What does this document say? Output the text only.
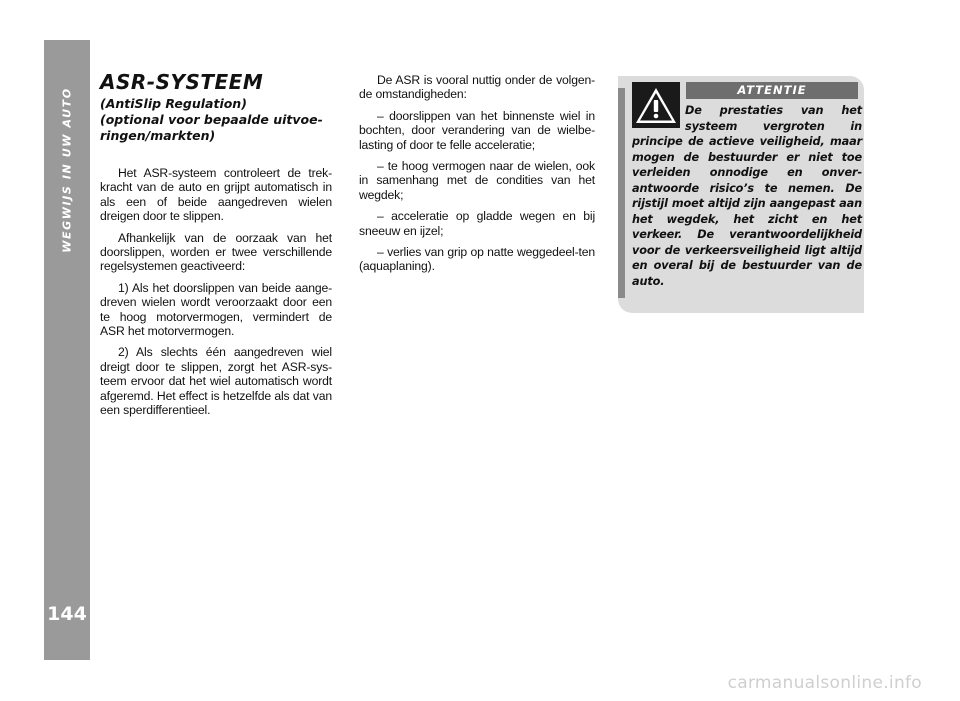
WEGWIJS IN UW AUTO
144
ASR-SYSTEEM
(AntiSlip Regulation)
(optional voor bepaalde uitvoe-
ringen/markten)

Het ASR-systeem controleert de trek-kracht van de auto en grijpt automatisch in als een of beide aangedreven wielen dreigen door te slippen.

Afhankelijk van de oorzaak van het doorslippen, worden er twee verschillende regelsystemen geactiveerd:

1) Als het doorslippen van beide aange-dreven wielen wordt veroorzaakt door een te hoog motorvermogen, vermindert de ASR het motorvermogen.

2) Als slechts één aangedreven wiel dreigt door te slippen, zorgt het ASR-sys-teem ervoor dat het wiel automatisch wordt afgeremd. Het effect is hetzelfde als dat van een sperdifferentieel.

De ASR is vooral nuttig onder de volgen-de omstandigheden:

– doorslippen van het binnenste wiel in bochten, door verandering van de wielbe-lasting of door te felle acceleratie;

– te hoog vermogen naar de wielen, ook in samenhang met de condities van het wegdek;

– acceleratie op gladde wegen en bij sneeuw en ijzel;

– verlies van grip op natte weggedeel-ten (aquaplaning).

ATTENTIE
De prestaties van het systeem vergroten in principe de actieve veiligheid, maar mogen de bestuurder er niet toe verleiden onnodige en onver-antwoorde risico’s te nemen. De rijstijl moet altijd zijn aangepast aan het wegdek, het zicht en het verkeer. De verantwoordelijkheid voor de verkeersveiligheid ligt altijd en overal bij de bestuurder van de auto.
carmanualsonline.info
